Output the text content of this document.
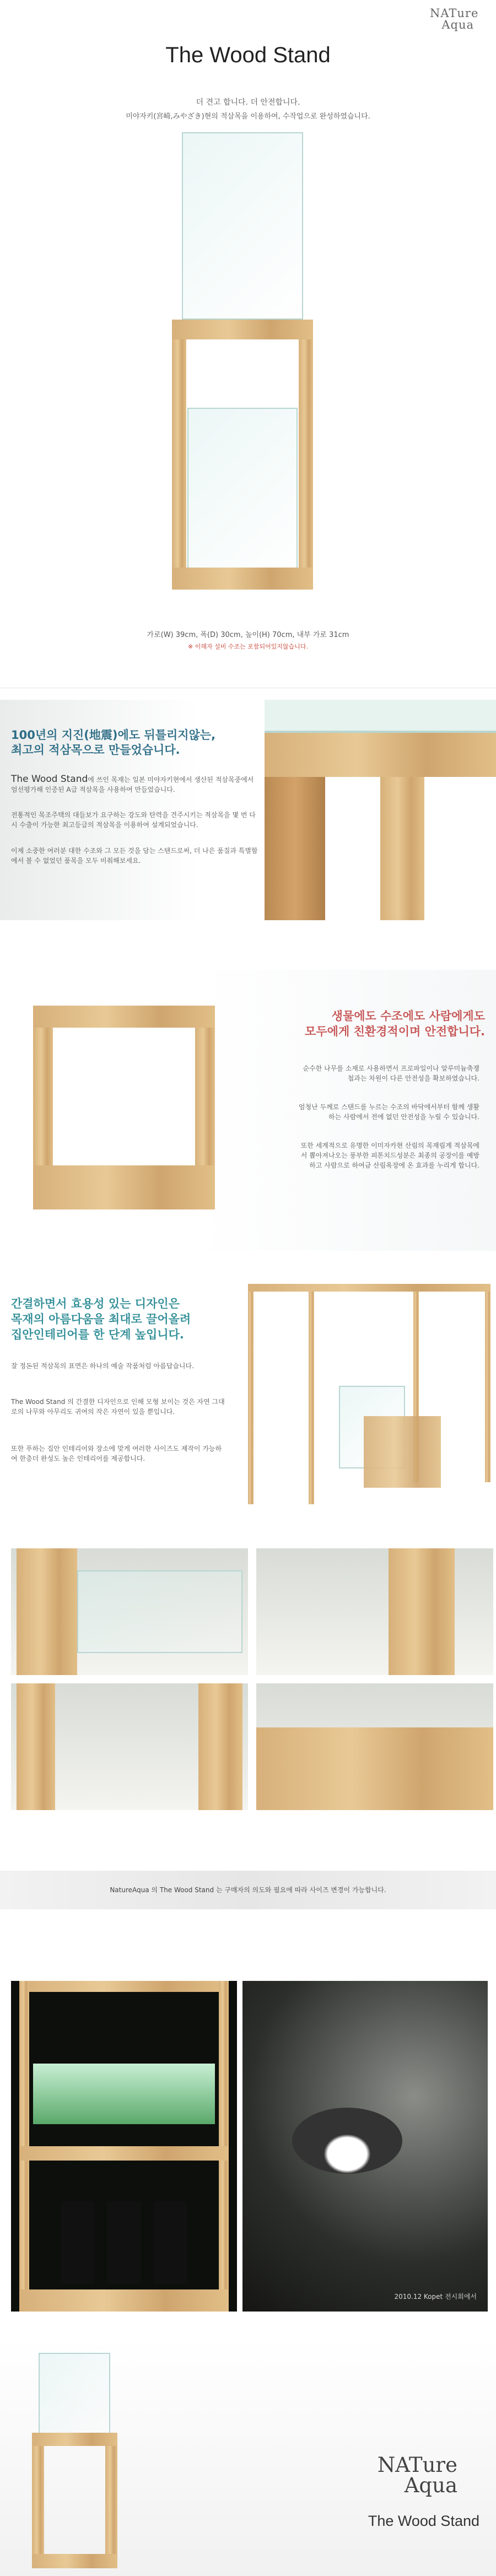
NATure
Aqua
The Wood Stand
더 견고 합니다. 더 안전합니다.
미야자키(宮崎,みやざき)현의 적삼목을 이용하여, 수작업으로 완성하였습니다.
가로(W) 39cm, 폭(D) 30cm, 높이(H) 70cm, 내부 가로 31cm
※ 이해자 설비 수조는 포함되어있지않습니다.
100년의 지진(地震)에도 뒤틀리지않는,
최고의 적삼목으로 만들었습니다.
The Wood Stand에 쓰인 목재는 일본 미야자키현에서 생산된 적삼목중에서 엄선평가해 인증된 A급 적삼목을 사용하여 만들었습니다.
전통적인 목조주택의 대들보가 요구하는 강도와 탄력을 견주시키는 적삼목을 몇 번 다시 수출이 가능한 최고등급의 적삼목을 이용하여 설계되었습니다.
이제 소중한 여러분 대한 수조와 그 모든 것을 담는 스탠드로써, 더 나은 품질과 특별함에서 볼 수 없었던 품목을 모두 비춰해보세요.
생물에도 수조에도 사람에게도
모두에게 친환경적이며 안전합니다.
순수한 나무를 소재로 사용하면서 프로파일이나 알루미늄축쟁첩과는 차원이 다른 안전성을 확보하였습니다.
엄청난 두께로 스탠드를 누르는 수조의 바닥에서부터 함께 생활하는 사람에서 전에 없던 안전성을 누릴 수 있습니다.
또한 세계적으로 유명한 이미자카현 산림의 목재림계 적삼목에서 뽑아져나오는 풍부한 피톤치드성분은 최종의 공장이를 예방하고 사람으로 하여금 산림욕장에 온 효과를 누리게 합니다.
간결하면서 효용성 있는 디자인은
목재의 아름다움을 최대로 끌어올려
집안인테리어를 한 단계 높입니다.
잘 정돈된 적삼목의 표면은 하나의 예술 작품처럼 아름답습니다.
The Wood Stand 의 간결한 디자인으로 인해 모형 보이는 것은 자연 그대로의 나무와 아무리도 귀여의 작은 자연이 있을 뿐입니다.
또한 푸하는 집안 인테리어와 장소에 맞게 여러한 사이즈도 제작이 가능하여 한층더 완성도 높은 인테리어를 제공합니다.
NatureAqua 의 The Wood Stand 는 구매자의 의도와 필요에 따라 사이즈 변경이 가능합니다.
2010.12 Kopet 전시회에서
NATure
Aqua
The Wood Stand
